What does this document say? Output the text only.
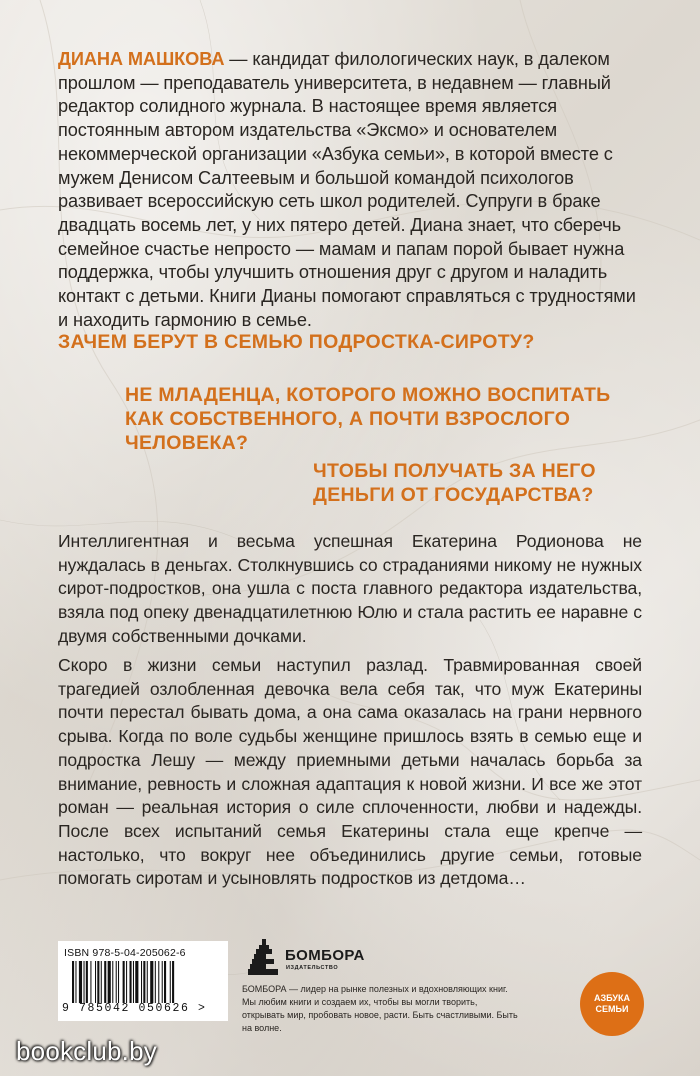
ДИАНА МАШКОВА — кандидат филологических наук, в далеком прошлом — преподаватель университета, в недавнем — главный редактор солидного журнала. В настоящее время является постоянным автором издательства «Эксмо» и основателем некоммерческой организации «Азбука семьи», в которой вместе с мужем Денисом Салтеевым и большой командой психологов развивает всероссийскую сеть школ родителей. Супруги в браке двадцать восемь лет, у них пятеро детей. Диана знает, что сберечь семейное счастье непросто — мамам и папам порой бывает нужна поддержка, чтобы улучшить отношения друг с другом и наладить контакт с детьми. Книги Дианы помогают справляться с трудностями и находить гармонию в семье.
ЗАЧЕМ БЕРУТ В СЕМЬЮ ПОДРОСТКА-СИРОТУ?
НЕ МЛАДЕНЦА, КОТОРОГО МОЖНО ВОСПИТАТЬ КАК СОБСТВЕННОГО, А ПОЧТИ ВЗРОСЛОГО ЧЕЛОВЕКА?
ЧТОБЫ ПОЛУЧАТЬ ЗА НЕГО ДЕНЬГИ ОТ ГОСУДАРСТВА?
Интеллигентная и весьма успешная Екатерина Родионова не нуждалась в деньгах. Столкнувшись со страданиями никому не нужных сирот-подростков, она ушла с поста главного редактора издательства, взяла под опеку двенадцатилетнюю Юлю и стала растить ее наравне с двумя собственными дочками.
Скоро в жизни семьи наступил разлад. Травмированная своей трагедией озлобленная девочка вела себя так, что муж Екатерины почти перестал бывать дома, а она сама оказалась на грани нервного срыва. Когда по воле судьбы женщине пришлось взять в семью еще и подростка Лешу — между приемными детьми началась борьба за внимание, ревность и сложная адаптация к новой жизни. И все же этот роман — реальная история о силе сплоченности, любви и надежды. После всех испытаний семья Екатерины стала еще крепче — настолько, что вокруг нее объединились другие семьи, готовые помогать сиротам и усыновлять подростков из детдома…
ISBN 978-5-04-205062-6
9 785042 050626 >
БОМБОРА
ИЗДАТЕЛЬСТВО
БОМБОРА — лидер на рынке полезных и вдохновляющих книг. Мы любим книги и создаем их, чтобы вы могли творить, открывать мир, пробовать новое, расти. Быть счастливыми. Быть на волне.
АЗБУКА
СЕМЬИ
bookclub.by
